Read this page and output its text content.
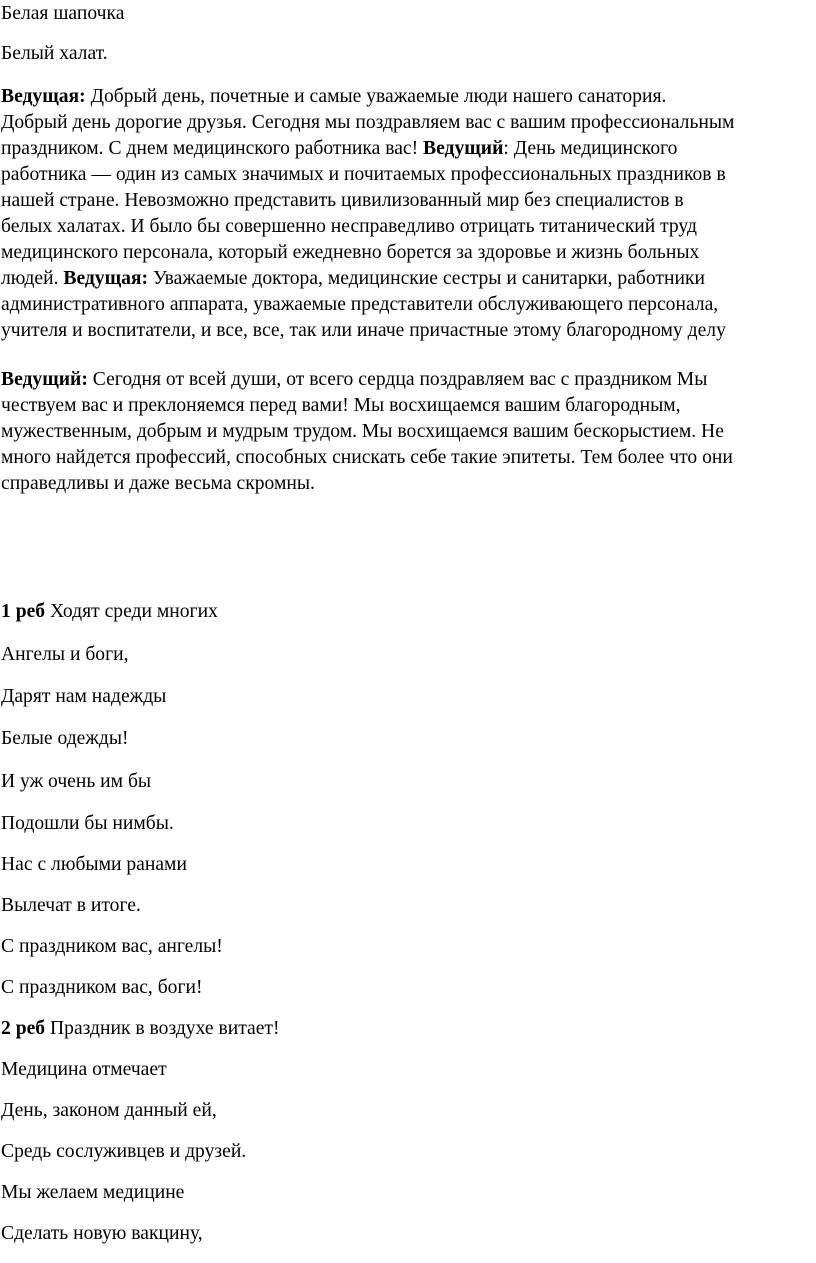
Белая шапочка
Белый халат.
Ведущая: Добрый день, почетные и самые уважаемые люди нашего санатория.
Добрый день дорогие друзья. Сегодня мы поздравляем вас с вашим профессиональным
праздником. С днем медицинского работника вас! Ведущий: День медицинского
работника — один из самых значимых и почитаемых профессиональных праздников в
нашей стране. Невозможно представить цивилизованный мир без специалистов в
белых халатах. И было бы совершенно несправедливо отрицать титанический труд
медицинского персонала, который ежедневно борется за здоровье и жизнь больных
людей. Ведущая: Уважаемые доктора, медицинские сестры и санитарки, работники
административного аппарата, уважаемые представители обслуживающего персонала,
учителя и воспитатели, и все, все, так или иначе причастные этому благородному делу
Ведущий: Сегодня от всей души, от всего сердца поздравляем вас с праздником Мы
чествуем вас и преклоняемся перед вами! Мы восхищаемся вашим благородным,
мужественным, добрым и мудрым трудом. Мы восхищаемся вашим бескорыстием. Не
много найдется профессий, способных снискать себе такие эпитеты. Тем более что они
справедливы и даже весьма скромны.
1 реб Ходят среди многих
Ангелы и боги,
Дарят нам надежды
Белые одежды!
И уж очень им бы
Подошли бы нимбы.
Нас с любыми ранами
Вылечат в итоге.
С праздником вас, ангелы!
С праздником вас, боги!
2 реб Праздник в воздухе витает!
Медицина отмечает
День, законом данный ей,
Средь сослуживцев и друзей.
Мы желаем медицине
Сделать новую вакцину,
